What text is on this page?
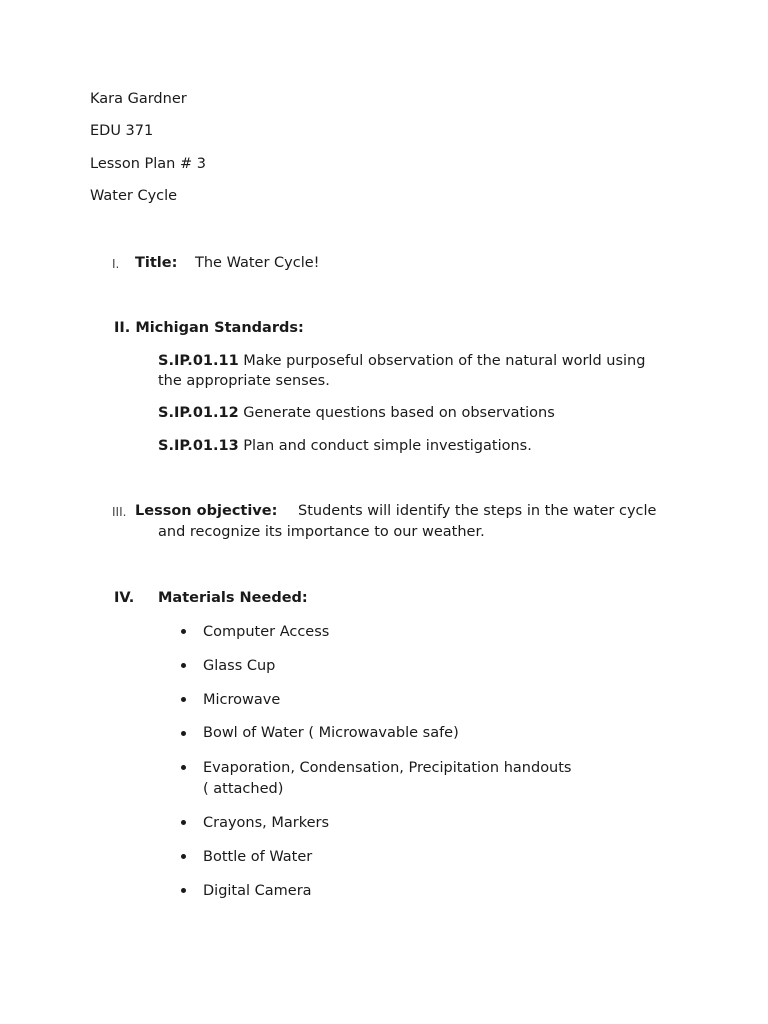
Kara Gardner
EDU 371
Lesson Plan # 3
Water Cycle
I. Title: The Water Cycle!
II. Michigan Standards:
S.IP.01.11 Make purposeful observation of the natural world using
the appropriate senses.
S.IP.01.12 Generate questions based on observations
S.IP.01.13 Plan and conduct simple investigations.
III. Lesson objective: Students will identify the steps in the water cycle
and recognize its importance to our weather.
IV. Materials Needed:
Computer Access
Glass Cup
Microwave
Bowl of Water ( Microwavable safe)
Evaporation, Condensation, Precipitation handouts
( attached)
Crayons, Markers
Bottle of Water
Digital Camera
